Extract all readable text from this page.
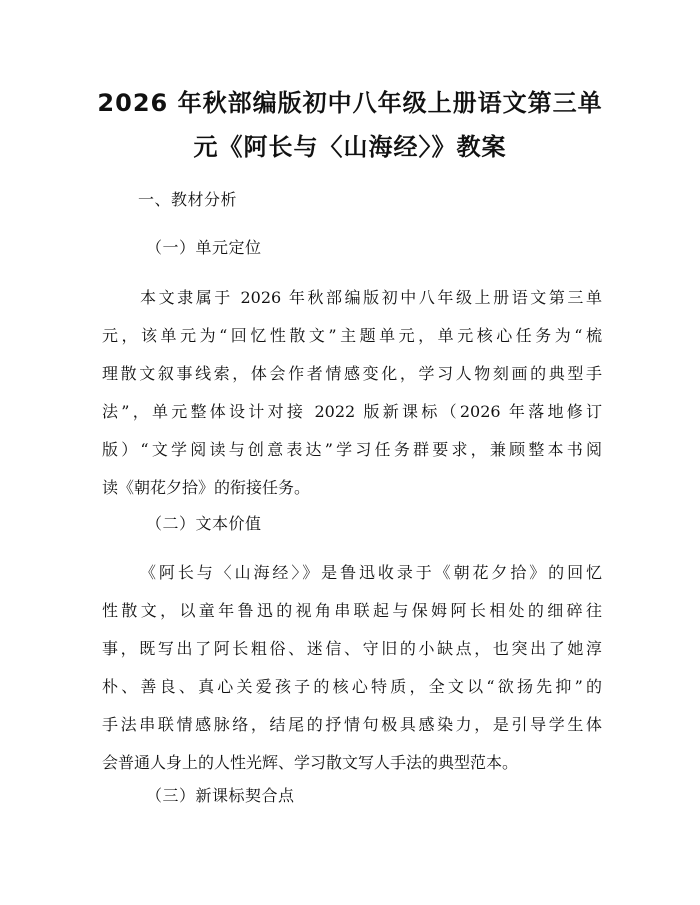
2026 年秋部编版初中八年级上册语文第三单
元《阿长与〈山海经〉》教案
一、教材分析
（一）单元定位
本文隶属于 2026 年秋部编版初中八年级上册语文第三单
元，该单元为“回忆性散文”主题单元，单元核心任务为“梳
理散文叙事线索，体会作者情感变化，学习人物刻画的典型手
法”，单元整体设计对接 2022 版新课标（2026 年落地修订
版）“文学阅读与创意表达”学习任务群要求，兼顾整本书阅
读《朝花夕拾》的衔接任务。
（二）文本价值
《阿长与〈山海经〉》是鲁迅收录于《朝花夕拾》的回忆
性散文，以童年鲁迅的视角串联起与保姆阿长相处的细碎往
事，既写出了阿长粗俗、迷信、守旧的小缺点，也突出了她淳
朴、善良、真心关爱孩子的核心特质，全文以“欲扬先抑”的
手法串联情感脉络，结尾的抒情句极具感染力，是引导学生体
会普通人身上的人性光辉、学习散文写人手法的典型范本。
（三）新课标契合点
